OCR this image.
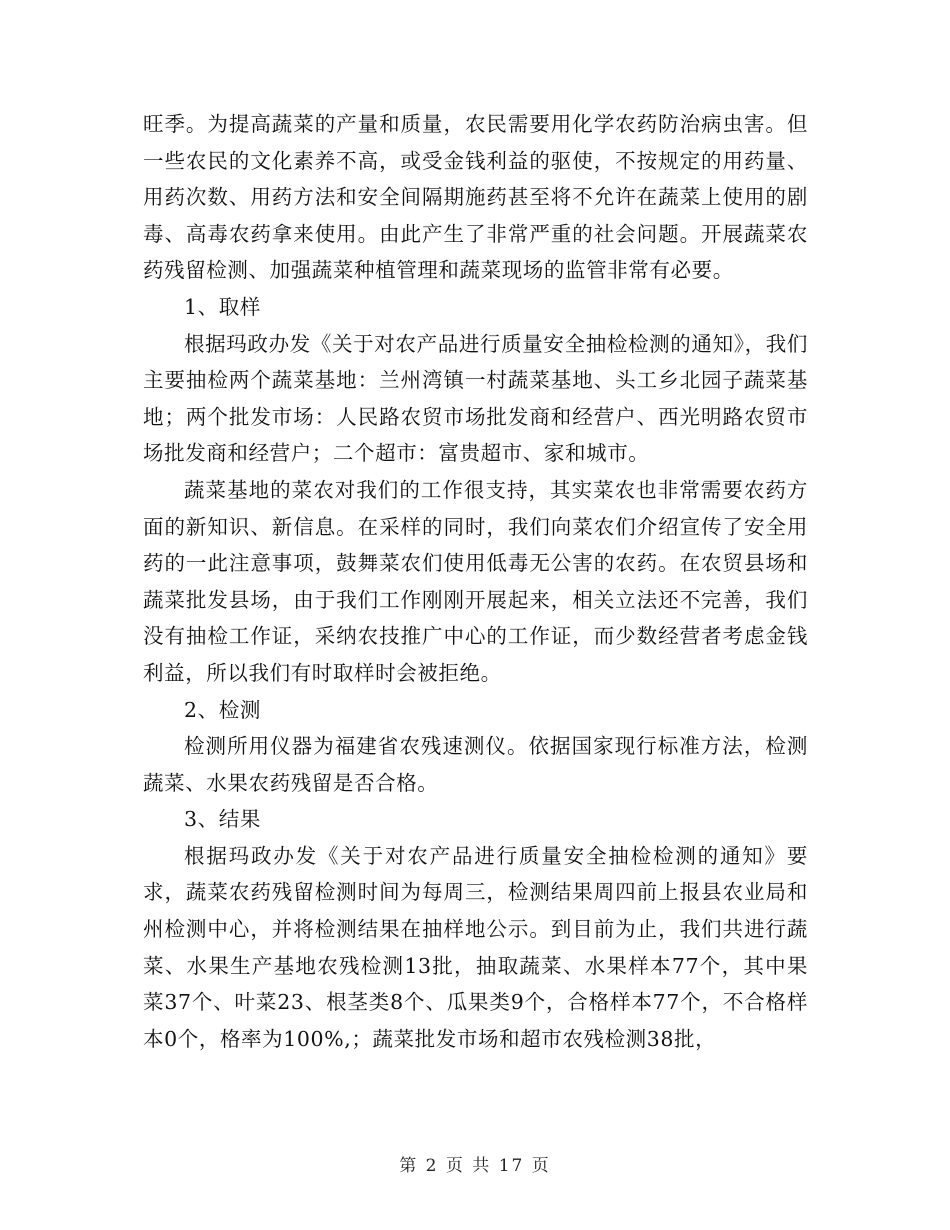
旺季。为提高蔬菜的产量和质量，农民需要用化学农药防治病虫害。但一些农民的文化素养不高，或受金钱利益的驱使，不按规定的用药量、用药次数、用药方法和安全间隔期施药甚至将不允许在蔬菜上使用的剧毒、高毒农药拿来使用。由此产生了非常严重的社会问题。开展蔬菜农药残留检测、加强蔬菜种植管理和蔬菜现场的监管非常有必要。

1、取样

根据玛政办发《关于对农产品进行质量安全抽检检测的通知》，我们主要抽检两个蔬菜基地：兰州湾镇一村蔬菜基地、头工乡北园子蔬菜基地；两个批发市场：人民路农贸市场批发商和经营户、西光明路农贸市场批发商和经营户；二个超市：富贵超市、家和城市。

蔬菜基地的菜农对我们的工作很支持，其实菜农也非常需要农药方面的新知识、新信息。在采样的同时，我们向菜农们介绍宣传了安全用药的一此注意事项，鼓舞菜农们使用低毒无公害的农药。在农贸县场和蔬菜批发县场，由于我们工作刚刚开展起来，相关立法还不完善，我们没有抽检工作证，采纳农技推广中心的工作证，而少数经营者考虑金钱利益，所以我们有时取样时会被拒绝。

2、检测

检测所用仪器为福建省农残速测仪。依据国家现行标准方法，检测蔬菜、水果农药残留是否合格。

3、结果

根据玛政办发《关于对农产品进行质量安全抽检检测的通知》要求，蔬菜农药残留检测时间为每周三，检测结果周四前上报县农业局和州检测中心，并将检测结果在抽样地公示。到目前为止，我们共进行蔬菜、水果生产基地农残检测13批，抽取蔬菜、水果样本77个，其中果菜37个、叶菜23、根茎类8个、瓜果类9个，合格样本77个，不合格样本0个，格率为100%,；蔬菜批发市场和超市农残检测38批，

第 2 页 共 17 页
